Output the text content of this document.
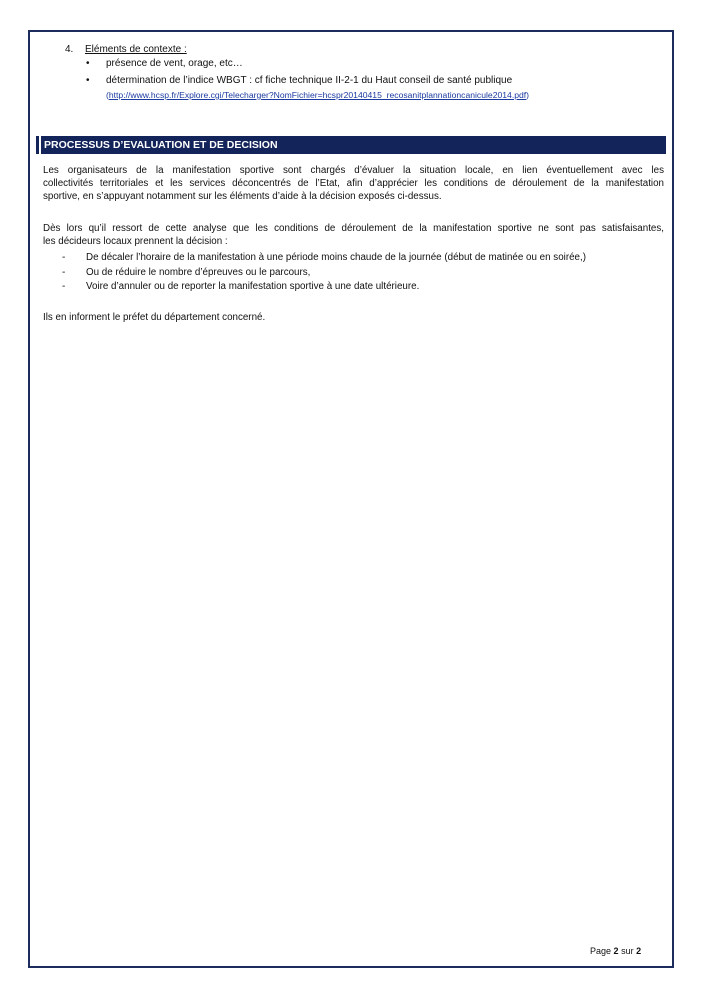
4.	Eléments de contexte :
• présence de vent, orage, etc…
• détermination de l’indice WBGT : cf fiche technique II-2-1 du Haut conseil de santé publique
(http://www.hcsp.fr/Explore.cgi/Telecharger?NomFichier=hcspr20140415_recosanitplannationcanicule2014.pdf)
PROCESSUS D’EVALUATION ET DE DECISION
Les organisateurs de la manifestation sportive sont chargés d’évaluer la situation locale, en lien éventuellement avec les
collectivités territoriales et les services déconcentrés de l’Etat, afin d’apprécier les conditions de déroulement de la manifestation
sportive, en s’appuyant notamment sur les éléments d’aide à la décision exposés ci-dessus.
Dès lors qu’il ressort de cette analyse que les conditions de déroulement de la manifestation sportive ne sont pas satisfaisantes,
les décideurs locaux prennent la décision :
- De décaler l’horaire de la manifestation à une période moins chaude de la journée (début de matinée ou en soirée,)
- Ou de réduire le nombre d’épreuves ou le parcours,
- Voire d’annuler ou de reporter la manifestation sportive à une date ultérieure.
Ils en informent le préfet du département concerné.
Page 2 sur 2
